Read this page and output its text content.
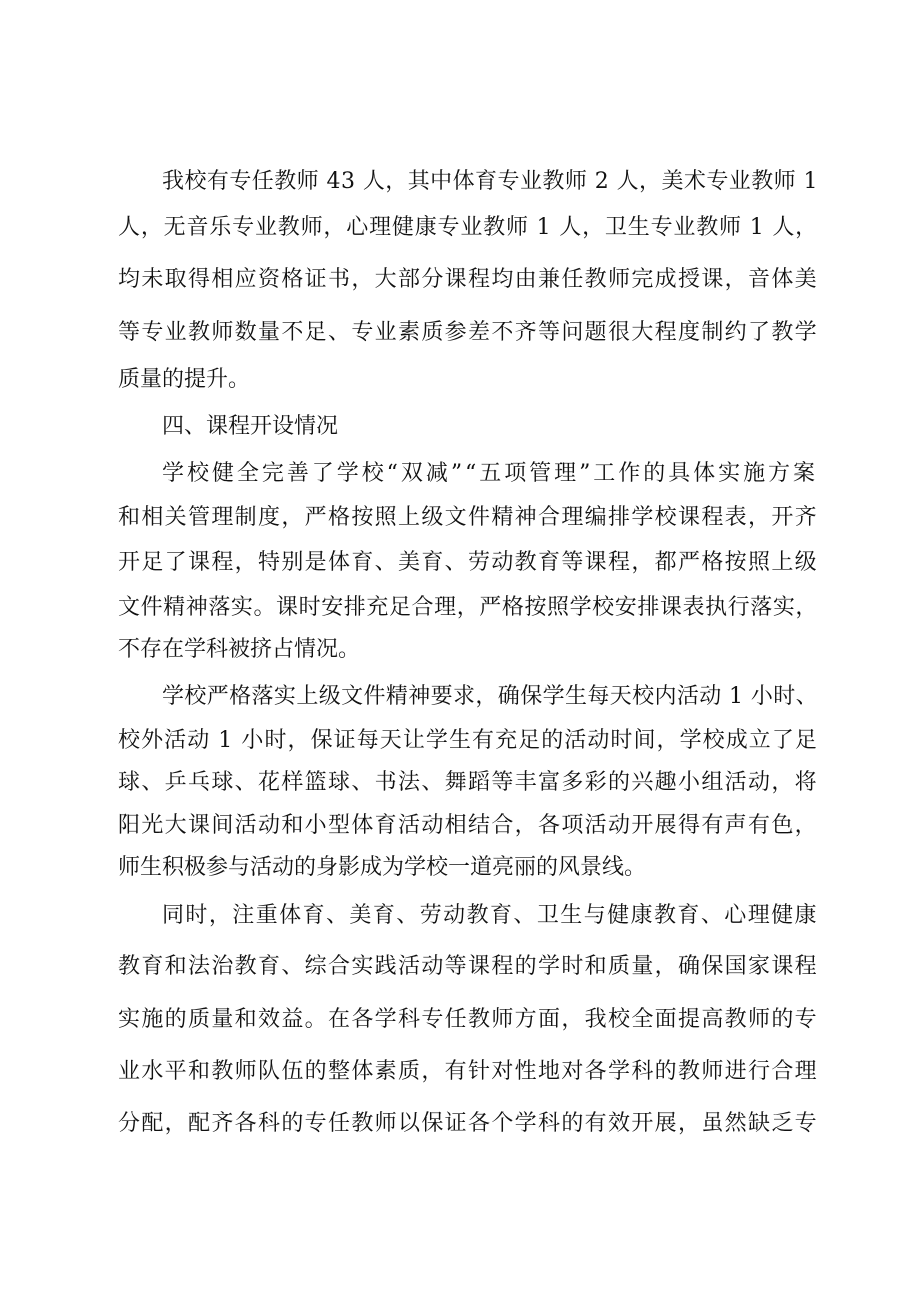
我校有专任教师 43 人，其中体育专业教师 2 人，美术专业教师 1

人，无音乐专业教师，心理健康专业教师 1 人，卫生专业教师 1 人，

均未取得相应资格证书，大部分课程均由兼任教师完成授课，音体美

等专业教师数量不足、专业素质参差不齐等问题很大程度制约了教学

质量的提升。

四、课程开设情况

学校健全完善了学校“双减”“五项管理”工作的具体实施方案

和相关管理制度，严格按照上级文件精神合理编排学校课程表，开齐

开足了课程，特别是体育、美育、劳动教育等课程，都严格按照上级

文件精神落实。课时安排充足合理，严格按照学校安排课表执行落实，

不存在学科被挤占情况。

学校严格落实上级文件精神要求，确保学生每天校内活动 1 小时、

校外活动 1 小时，保证每天让学生有充足的活动时间，学校成立了足

球、乒乓球、花样篮球、书法、舞蹈等丰富多彩的兴趣小组活动，将

阳光大课间活动和小型体育活动相结合，各项活动开展得有声有色，

师生积极参与活动的身影成为学校一道亮丽的风景线。

同时，注重体育、美育、劳动教育、卫生与健康教育、心理健康

教育和法治教育、综合实践活动等课程的学时和质量，确保国家课程

实施的质量和效益。在各学科专任教师方面，我校全面提高教师的专

业水平和教师队伍的整体素质，有针对性地对各学科的教师进行合理

分配，配齐各科的专任教师以保证各个学科的有效开展，虽然缺乏专
